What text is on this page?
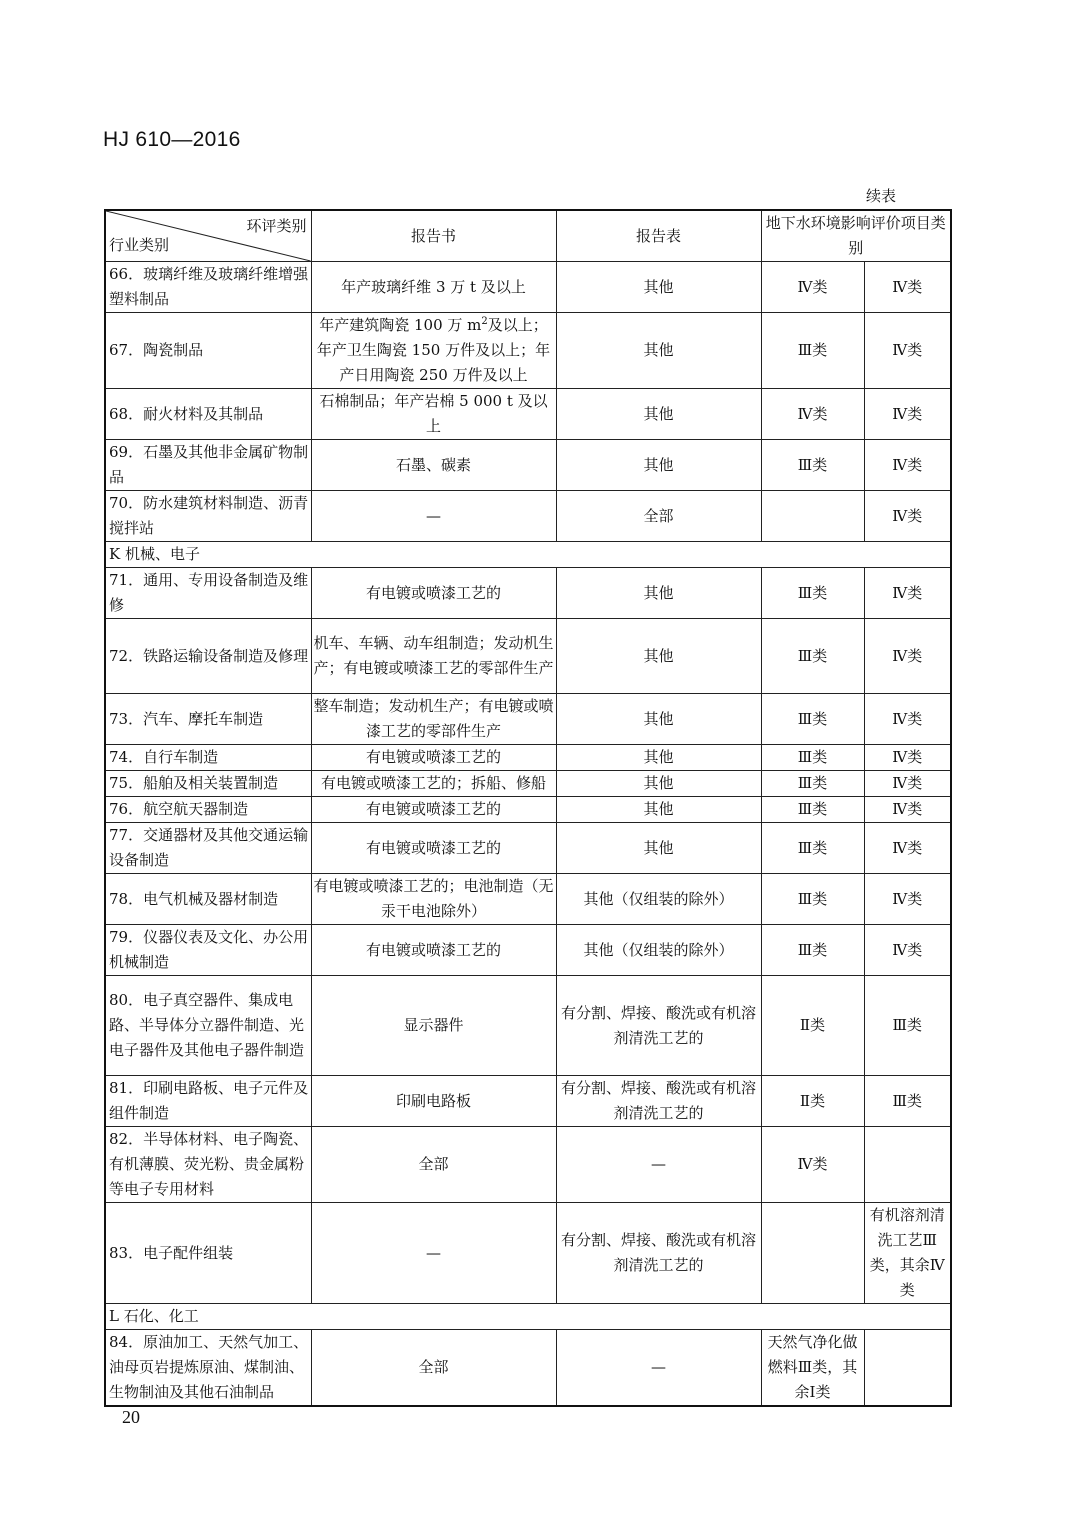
HJ 610—2016
续表
环评类别
行业类别	报告书	报告表	地下水环境影响评价项目类别	
66．玻璃纤维及玻璃纤维增强塑料制品	年产玻璃纤维 3 万 t 及以上	其他	Ⅳ类	Ⅳ类
67．陶瓷制品	年产建筑陶瓷 100 万 $m^2$及以上；年产卫生陶瓷 150 万件及以上；年产日用陶瓷 250 万件及以上	其他	Ⅲ类	Ⅳ类
68．耐火材料及其制品	石棉制品；年产岩棉 5 000 t 及以上	其他	Ⅳ类	Ⅳ类
69．石墨及其他非金属矿物制品	石墨、碳素	其他	Ⅲ类	Ⅳ类
70．防水建筑材料制造、沥青搅拌站	—	全部		Ⅳ类
K 机械、电子				
71．通用、专用设备制造及维修	有电镀或喷漆工艺的	其他	Ⅲ类	Ⅳ类
72．铁路运输设备制造及修理	机车、车辆、动车组制造；发动机生产；有电镀或喷漆工艺的零部件生产	其他	Ⅲ类	Ⅳ类
73．汽车、摩托车制造	整车制造；发动机生产；有电镀或喷漆工艺的零部件生产	其他	Ⅲ类	Ⅳ类
74．自行车制造	有电镀或喷漆工艺的	其他	Ⅲ类	Ⅳ类
75．船舶及相关装置制造	有电镀或喷漆工艺的；拆船、修船	其他	Ⅲ类	Ⅳ类
76．航空航天器制造	有电镀或喷漆工艺的	其他	Ⅲ类	Ⅳ类
77．交通器材及其他交通运输设备制造	有电镀或喷漆工艺的	其他	Ⅲ类	Ⅳ类
78．电气机械及器材制造	有电镀或喷漆工艺的；电池制造（无汞干电池除外）	其他（仅组装的除外）	Ⅲ类	Ⅳ类
79．仪器仪表及文化、办公用机械制造	有电镀或喷漆工艺的	其他（仅组装的除外）	Ⅲ类	Ⅳ类
80．电子真空器件、集成电路、半导体分立器件制造、光电子器件及其他电子器件制造	显示器件	有分割、焊接、酸洗或有机溶剂清洗工艺的	Ⅱ类	Ⅲ类
81．印刷电路板、电子元件及组件制造	印刷电路板	有分割、焊接、酸洗或有机溶剂清洗工艺的	Ⅱ类	Ⅲ类
82．半导体材料、电子陶瓷、有机薄膜、荧光粉、贵金属粉等电子专用材料	全部	—	Ⅳ类	
83．电子配件组装	—	有分割、焊接、酸洗或有机溶剂清洗工艺的		有机溶剂清洗工艺Ⅲ类，其余Ⅳ类
L 石化、化工				
84．原油加工、天然气加工、油母页岩提炼原油、煤制油、生物制油及其他石油制品	全部	—	天然气净化做燃料Ⅲ类，其余Ⅰ类	
20
